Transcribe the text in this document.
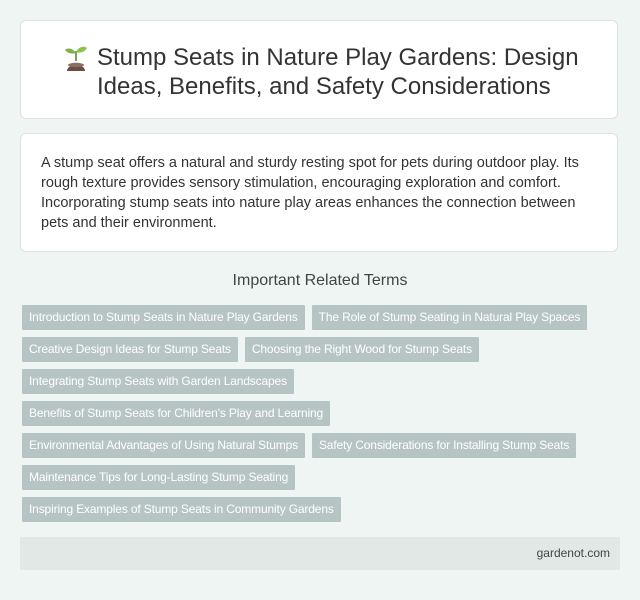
Stump Seats in Nature Play Gardens: Design Ideas, Benefits, and Safety Considerations

A stump seat offers a natural and sturdy resting spot for pets during outdoor play. Its rough texture provides sensory stimulation, encouraging exploration and comfort. Incorporating stump seats into nature play areas enhances the connection between pets and their environment.

Important Related Terms
Introduction to Stump Seats in Nature Play Gardens	The Role of Stump Seating in Natural Play Spaces
Creative Design Ideas for Stump Seats	Choosing the Right Wood for Stump Seats
Integrating Stump Seats with Garden Landscapes
Benefits of Stump Seats for Children's Play and Learning
Environmental Advantages of Using Natural Stumps	Safety Considerations for Installing Stump Seats
Maintenance Tips for Long-Lasting Stump Seating
Inspiring Examples of Stump Seats in Community Gardens
gardenot.com
